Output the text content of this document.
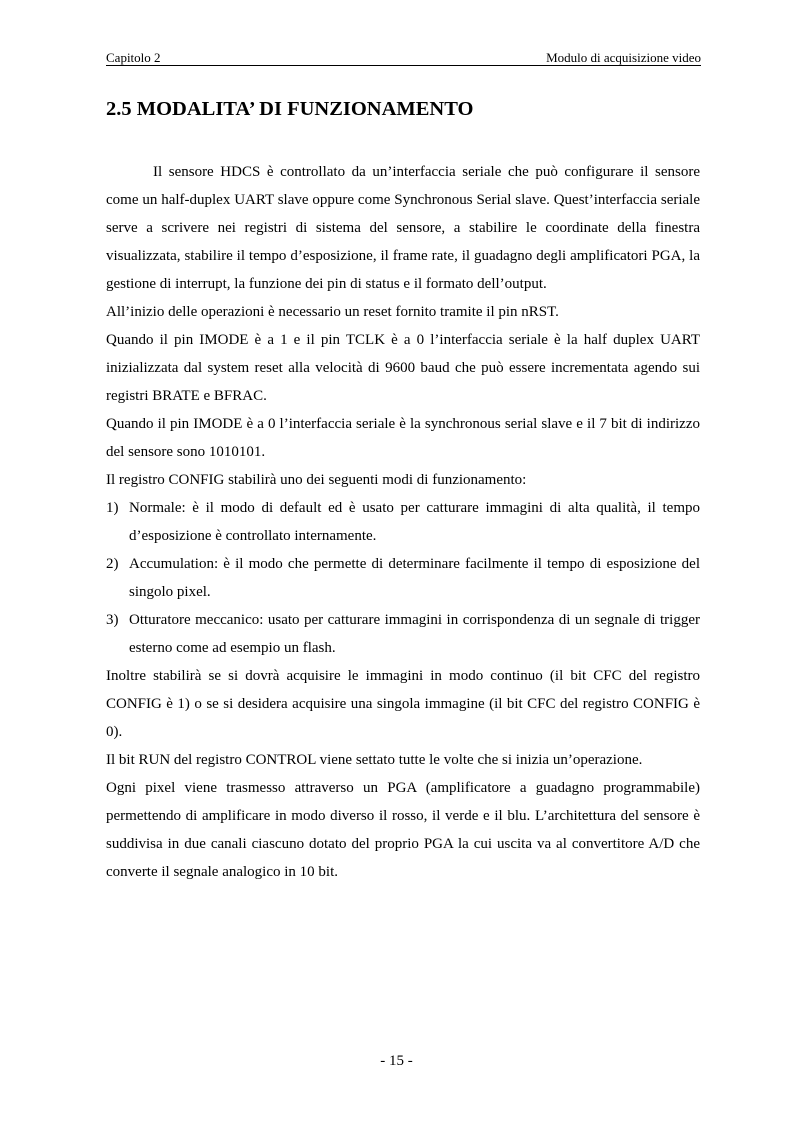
Capitolo 2	Modulo di acquisizione video
2.5 MODALITA’ DI FUNZIONAMENTO

Il sensore HDCS è controllato da un’interfaccia seriale che può configurare il sensore come un half-duplex UART slave oppure come Synchronous Serial slave. Quest’interfaccia seriale serve a scrivere nei registri di sistema del sensore, a stabilire le coordinate della finestra visualizzata, stabilire il tempo d’esposizione, il frame rate, il guadagno degli amplificatori PGA, la gestione di interrupt, la funzione dei pin di status e il formato dell’output.

All’inizio delle operazioni è necessario un reset fornito tramite il pin nRST.

Quando il pin IMODE è a 1 e il pin TCLK è a 0 l’interfaccia seriale è la half duplex UART inizializzata dal system reset alla velocità di 9600 baud che può essere incrementata agendo sui registri BRATE e BFRAC.

Quando il pin IMODE è a 0 l’interfaccia seriale è la synchronous serial slave e il 7 bit di indirizzo del sensore sono 1010101.

Il registro CONFIG stabilirà uno dei seguenti modi di funzionamento:

1) Normale: è il modo di default ed è usato per catturare immagini di alta qualità, il tempo d’esposizione è controllato internamente.
2) Accumulation: è il modo che permette di determinare facilmente il tempo di esposizione del singolo pixel.
3) Otturatore meccanico: usato per catturare immagini in corrispondenza di un segnale di trigger esterno come ad esempio un flash.

Inoltre stabilirà se si dovrà acquisire le immagini in modo continuo (il bit CFC del registro CONFIG è 1) o se si desidera acquisire una singola immagine (il bit CFC del registro CONFIG è 0).

Il bit RUN del registro CONTROL viene settato tutte le volte che si inizia un’operazione.

Ogni pixel viene trasmesso attraverso un PGA (amplificatore a guadagno programmabile) permettendo di amplificare in modo diverso il rosso, il verde e il blu. L’architettura del sensore è suddivisa in due canali ciascuno dotato del proprio PGA la cui uscita va al convertitore A/D che converte il segnale analogico in 10 bit.

- 15 -
